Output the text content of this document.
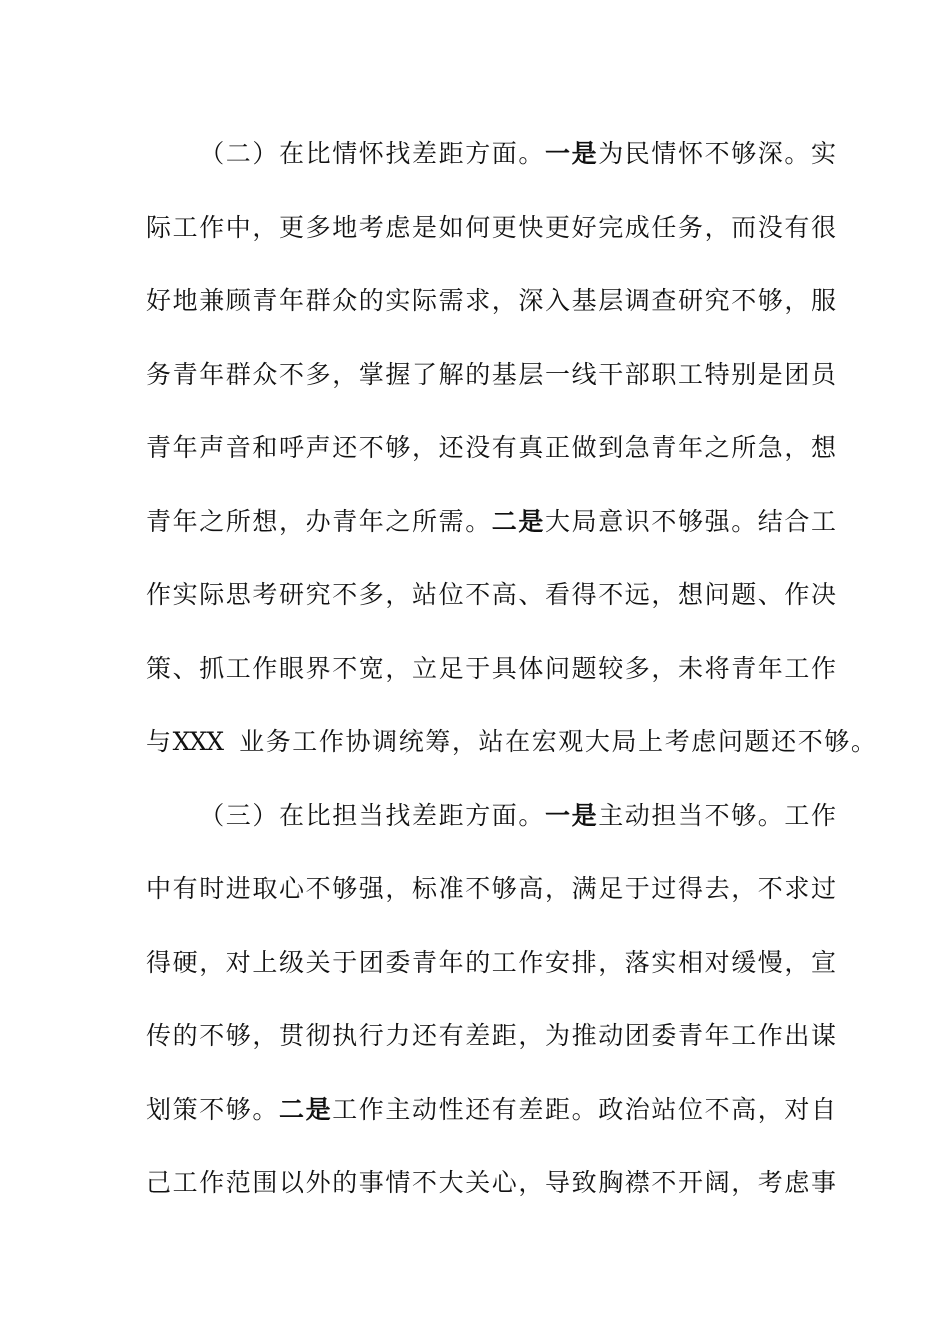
（ 二 ） 在 比 情 怀 找 差 距 方 面 。 一 是 为 民 情 怀 不 够 深 。 实
际 工 作 中 ， 更 多 地 考 虑 是 如 何 更 快 更 好 完 成 任 务 ， 而 没 有 很
好 地 兼 顾 青 年 群 众 的 实 际 需 求 ， 深 入 基 层 调 查 研 究 不 够 ， 服
务 青 年 群 众 不 多 ， 掌 握 了 解 的 基 层 一 线 干 部 职 工 特 别 是 团 员
青 年 声 音 和 呼 声 还 不 够 ， 还 没 有 真 正 做 到 急 青 年 之 所 急 ， 想
青 年 之 所 想 ， 办 青 年 之 所 需 。 二 是 大 局 意 识 不 够 强 。 结 合 工
作 实 际 思 考 研 究 不 多 ， 站 位 不 高 、 看 得 不 远 ， 想 问 题 、 作 决
策 、 抓 工 作 眼 界 不 宽 ， 立 足 于 具 体 问 题 较 多 ， 未 将 青 年 工 作
与 XXX 业 务 工 作 协 调 统 筹 ， 站 在 宏 观 大 局 上 考 虑 问 题 还 不 够 。
（ 三 ） 在 比 担 当 找 差 距 方 面 。 一 是 主 动 担 当 不 够 。 工 作
中 有 时 进 取 心 不 够 强 ， 标 准 不 够 高 ， 满 足 于 过 得 去 ， 不 求 过
得 硬 ， 对 上 级 关 于 团 委 青 年 的 工 作 安 排 ， 落 实 相 对 缓 慢 ， 宣
传 的 不 够 ， 贯 彻 执 行 力 还 有 差 距 ， 为 推 动 团 委 青 年 工 作 出 谋
划 策 不 够 。 二 是 工 作 主 动 性 还 有 差 距 。 政 治 站 位 不 高 ， 对 自
己 工 作 范 围 以 外 的 事 情 不 大 关 心 ， 导 致 胸 襟 不 开 阔 ， 考 虑 事
